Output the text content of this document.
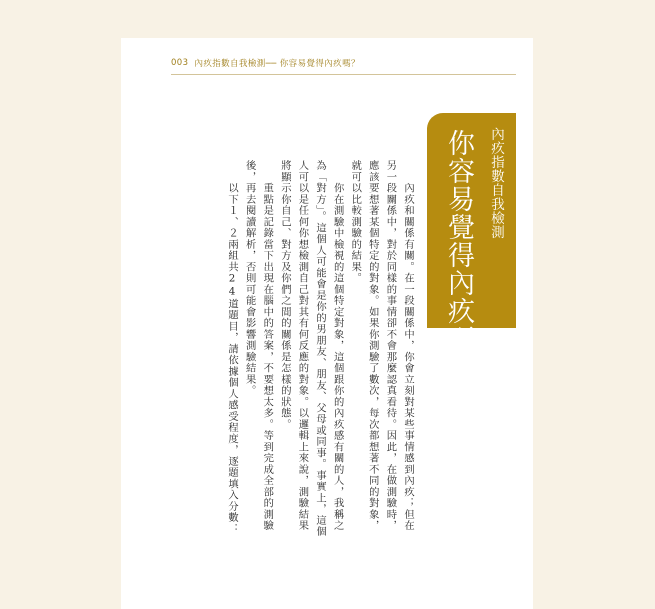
003 內疚指數自我檢測── 你容易覺得內疚嗎？
內疚指數自我檢測
你容易覺得內疚嗎？

　　內疚和關係有關。在一段關係中，你會立刻對某些事情感到內疚；但在另一段關係中，對於同樣的事情卻不會那麼認真看待。因此，在做測驗時，應該要想著某個特定的對象。如果你測驗了數次，每次都想著不同的對象，就可以比較測驗的結果。

　　你在測驗中檢視的這個特定對象，這個跟你的內疚感有關的人，我稱之為「對方」。這個人可能會是你的男朋友、朋友、父母或同事。事實上，這個人可以是任何你想檢測自己對其有何反應的對象。以邏輯上來說，測驗結果將顯示你自己、對方及你們之間的關係是怎樣的狀態。

　　重點是記錄當下出現在腦中的答案，不要想太多。等到完成全部的測驗後，再去閱讀解析，否則可能會影響測驗結果。

　　以下１、２兩組共24道題目，請依據個人感受程度，逐題填入分數：
